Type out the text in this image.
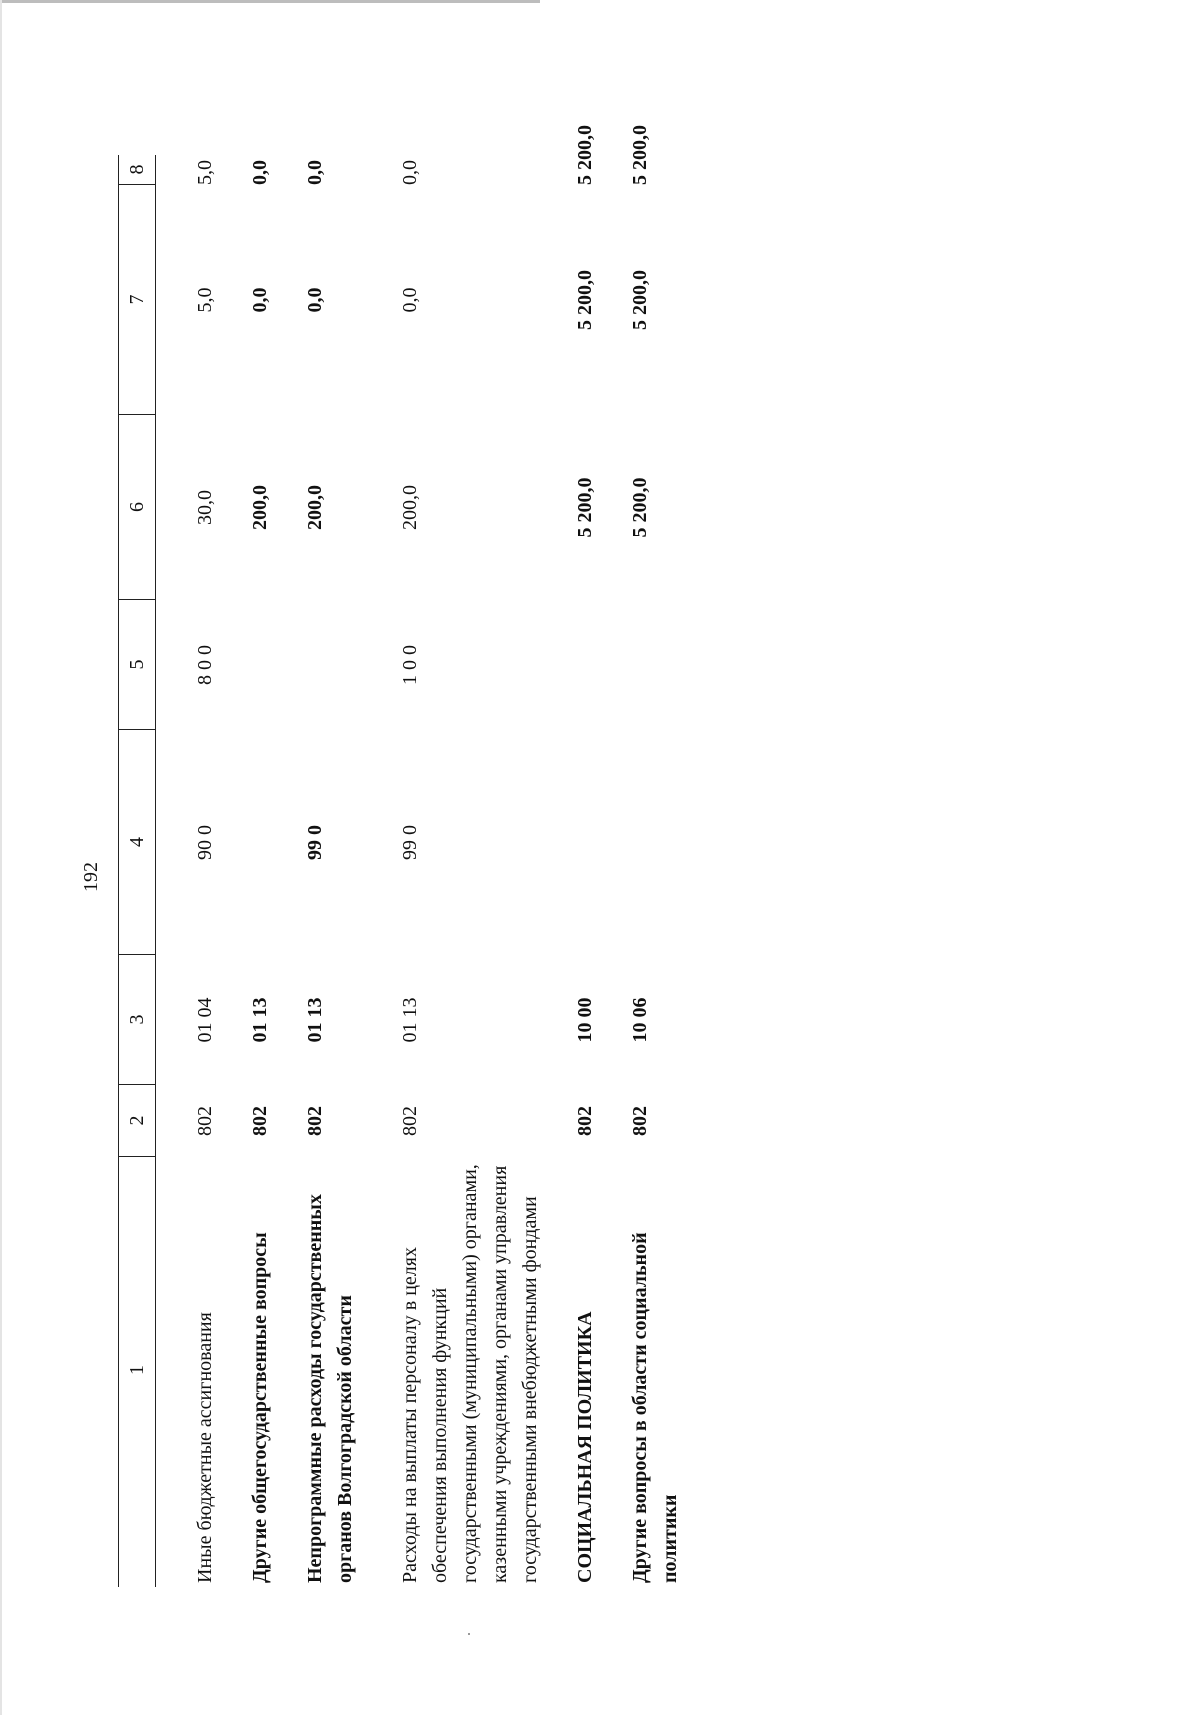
192
1
2
3
4
5
6
7
8
Иные бюджетные ассигнования
802
01 04
90 0
8 0 0
30,0
5,0
5,0
Другие общегосударственные вопросы
802
01 13
200,0
0,0
0,0
Непрограммные расходы государственных органов Волгоградской области
802
01 13
99 0
200,0
0,0
0,0
Расходы на выплаты персоналу в целях обеспечения выполнения функций государственными (муниципальными) органами, казенными учреждениями, органами управления государственными внебюджетными фондами
802
01 13
99 0
1 0 0
200,0
0,0
0,0
СОЦИАЛЬНАЯ ПОЛИТИКА
802
10 00
5 200,0
5 200,0
5 200,0
Другие вопросы в области социальной политики
802
10 06
5 200,0
5 200,0
5 200,0
